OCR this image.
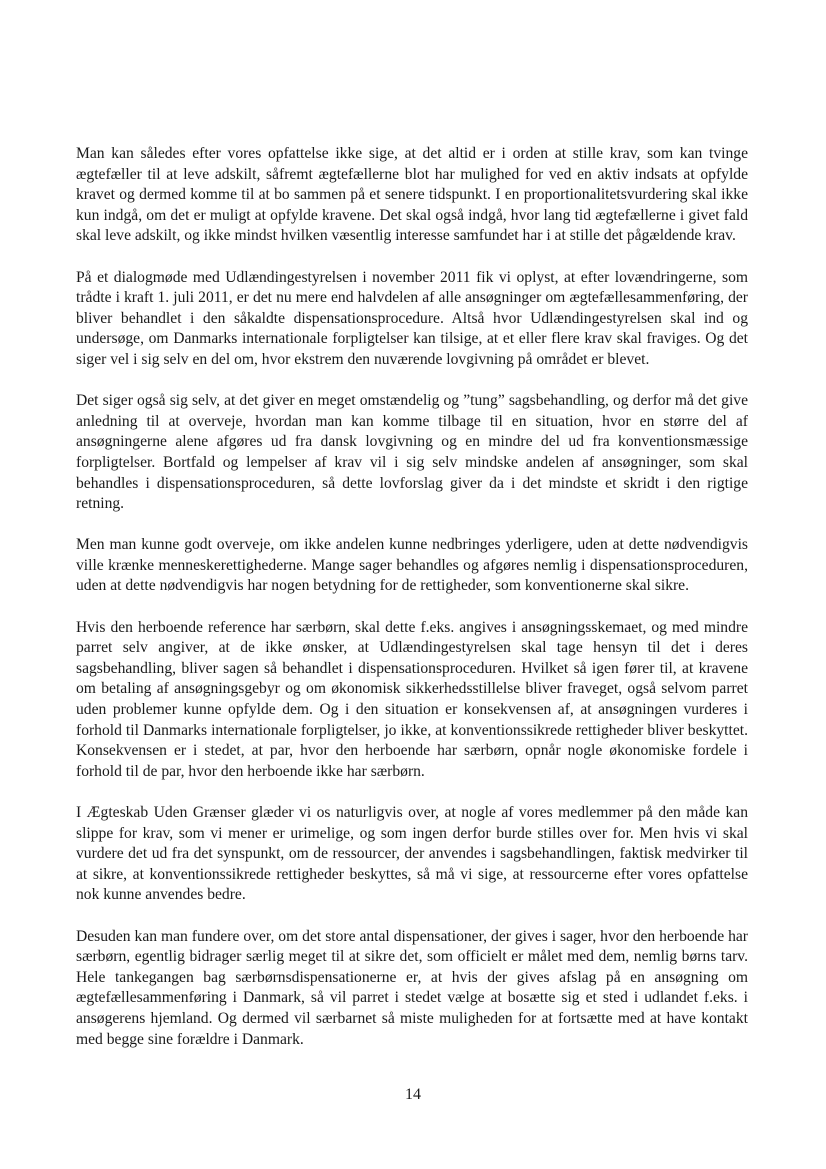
Man kan således efter vores opfattelse ikke sige, at det altid er i orden at stille krav, som kan tvinge ægtefæller til at leve adskilt, såfremt ægtefællerne blot har mulighed for ved en aktiv indsats at opfylde kravet og dermed komme til at bo sammen på et senere tidspunkt. I en proportionalitetsvurdering skal ikke kun indgå, om det er muligt at opfylde kravene. Det skal også indgå, hvor lang tid ægtefællerne i givet fald skal leve adskilt, og ikke mindst hvilken væsentlig interesse samfundet har i at stille det pågældende krav.

På et dialogmøde med Udlændingestyrelsen i november 2011 fik vi oplyst, at efter lovændringerne, som trådte i kraft 1. juli 2011, er det nu mere end halvdelen af alle ansøgninger om ægtefællesammenføring, der bliver behandlet i den såkaldte dispensationsprocedure. Altså hvor Udlændingestyrelsen skal ind og undersøge, om Danmarks internationale forpligtelser kan tilsige, at et eller flere krav skal fraviges. Og det siger vel i sig selv en del om, hvor ekstrem den nuværende lovgivning på området er blevet.

Det siger også sig selv, at det giver en meget omstændelig og ”tung” sagsbehandling, og derfor må det give anledning til at overveje, hvordan man kan komme tilbage til en situation, hvor en større del af ansøgningerne alene afgøres ud fra dansk lovgivning og en mindre del ud fra konventionsmæssige forpligtelser. Bortfald og lempelser af krav vil i sig selv mindske andelen af ansøgninger, som skal behandles i dispensationsproceduren, så dette lovforslag giver da i det mindste et skridt i den rigtige retning.

Men man kunne godt overveje, om ikke andelen kunne nedbringes yderligere, uden at dette nødvendigvis ville krænke menneskerettighederne. Mange sager behandles og afgøres nemlig i dispensationsproceduren, uden at dette nødvendigvis har nogen betydning for de rettigheder, som konventionerne skal sikre.

Hvis den herboende reference har særbørn, skal dette f.eks. angives i ansøgningsskemaet, og med mindre parret selv angiver, at de ikke ønsker, at Udlændingestyrelsen skal tage hensyn til det i deres sagsbehandling, bliver sagen så behandlet i dispensationsproceduren. Hvilket så igen fører til, at kravene om betaling af ansøgningsgebyr og om økonomisk sikkerhedsstillelse bliver fraveget, også selvom parret uden problemer kunne opfylde dem. Og i den situation er konsekvensen af, at ansøgningen vurderes i forhold til Danmarks internationale forpligtelser, jo ikke, at konventionssikrede rettigheder bliver beskyttet. Konsekvensen er i stedet, at par, hvor den herboende har særbørn, opnår nogle økonomiske fordele i forhold til de par, hvor den herboende ikke har særbørn.

I Ægteskab Uden Grænser glæder vi os naturligvis over, at nogle af vores medlemmer på den måde kan slippe for krav, som vi mener er urimelige, og som ingen derfor burde stilles over for. Men hvis vi skal vurdere det ud fra det synspunkt, om de ressourcer, der anvendes i sagsbehandlingen, faktisk medvirker til at sikre, at konventionssikrede rettigheder beskyttes, så må vi sige, at ressourcerne efter vores opfattelse nok kunne anvendes bedre.

Desuden kan man fundere over, om det store antal dispensationer, der gives i sager, hvor den herboende har særbørn, egentlig bidrager særlig meget til at sikre det, som officielt er målet med dem, nemlig børns tarv. Hele tankegangen bag særbørnsdispensationerne er, at hvis der gives afslag på en ansøgning om ægtefællesammenføring i Danmark, så vil parret i stedet vælge at bosætte sig et sted i udlandet f.eks. i ansøgerens hjemland. Og dermed vil særbarnet så miste muligheden for at fortsætte med at have kontakt med begge sine forældre i Danmark.

14
